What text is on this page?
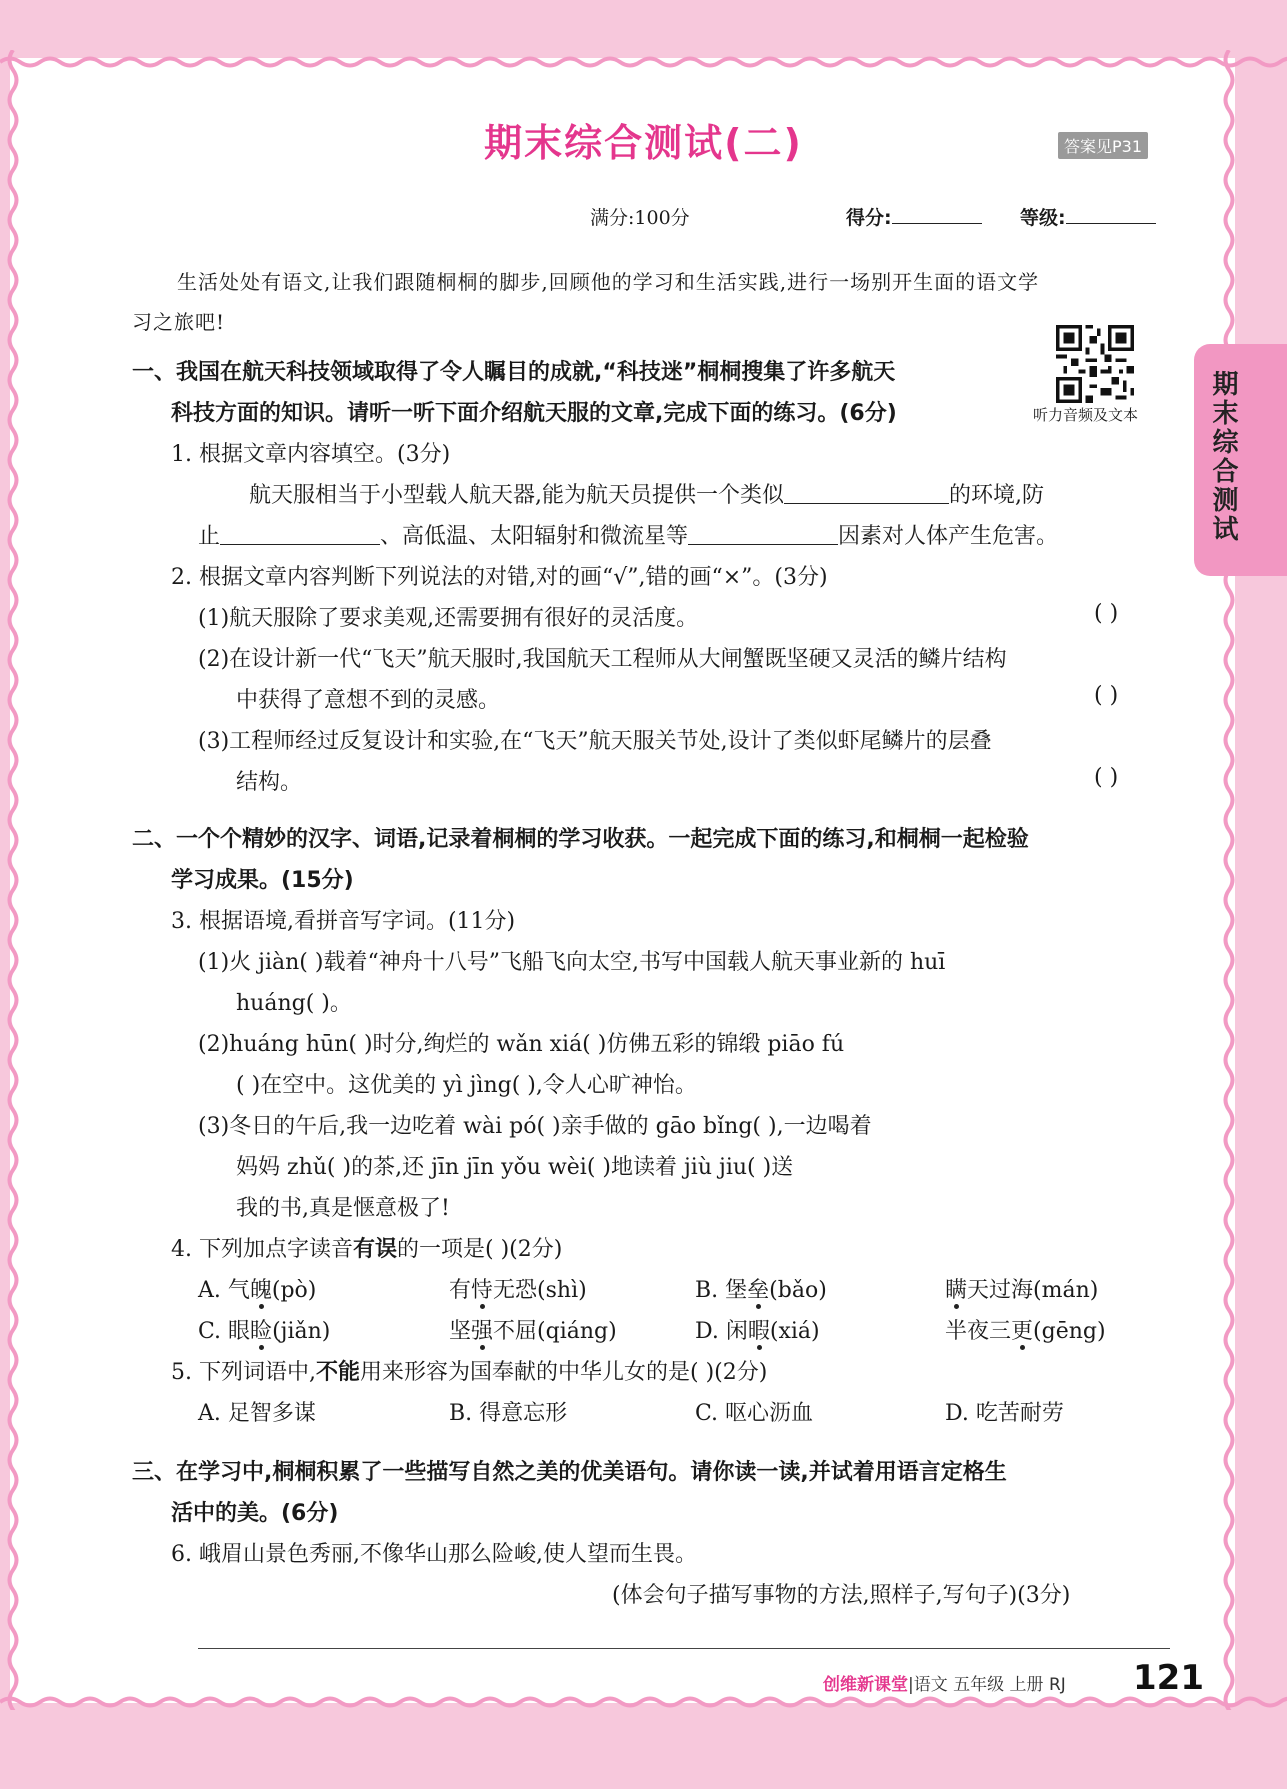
期末综合测试(二)	答案见P31
满分:100分	得分:	等级:
生活处处有语文,让我们跟随桐桐的脚步,回顾他的学习和生活实践,进行一场别开生面的语文学
习之旅吧!
听力音频及文本	期末综合测试
一、我国在航天科技领域取得了令人瞩目的成就,“科技迷”桐桐搜集了许多航天
科技方面的知识。请听一听下面介绍航天服的文章,完成下面的练习。(6分)
1. 根据文章内容填空。(3分)
航天服相当于小型载人航天器,能为航天员提供一个类似	的环境,防
止	、高低温、太阳辐射和微流星等	因素对人体产生危害。
2. 根据文章内容判断下列说法的对错,对的画“√”,错的画“×”。(3分)
(1)航天服除了要求美观,还需要拥有很好的灵活度。	( )
(2)在设计新一代“飞天”航天服时,我国航天工程师从大闸蟹既坚硬又灵活的鳞片结构
中获得了意想不到的灵感。	( )
(3)工程师经过反复设计和实验,在“飞天”航天服关节处,设计了类似虾尾鳞片的层叠
结构。	( )
二、一个个精妙的汉字、词语,记录着桐桐的学习收获。一起完成下面的练习,和桐桐一起检验
学习成果。(15分)
3. 根据语境,看拼音写字词。(11分)
(1)火 jiàn( )载着“神舟十八号”飞船飞向太空,书写中国载人航天事业新的 huī
huáng( )。
(2)huáng hūn( )时分,绚烂的 wǎn xiá( )仿佛五彩的锦缎 piāo fú
( )在空中。这优美的 yì jìng( ),令人心旷神怡。
(3)冬日的午后,我一边吃着 wài pó( )亲手做的 gāo bǐng( ),一边喝着
妈妈 zhǔ( )的茶,还 jīn jīn yǒu wèi( )地读着 jiù jiu( )送
我的书,真是惬意极了!
4. 下列加点字读音有误的一项是( )(2分)
A. 气魄(pò)	有恃无恐(shì)	B. 堡垒(bǎo)	瞒天过海(mán)
C. 眼睑(jiǎn)	坚强不屈(qiáng)	D. 闲暇(xiá)	半夜三更(gēng)
5. 下列词语中,不能用来形容为国奉献的中华儿女的是( )(2分)
A. 足智多谋	B. 得意忘形	C. 呕心沥血	D. 吃苦耐劳
三、在学习中,桐桐积累了一些描写自然之美的优美语句。请你读一读,并试着用语言定格生
活中的美。(6分)
6. 峨眉山景色秀丽,不像华山那么险峻,使人望而生畏。
(体会句子描写事物的方法,照样子,写句子)(3分)
创维新课堂|语文 五年级 上册 RJ 121
